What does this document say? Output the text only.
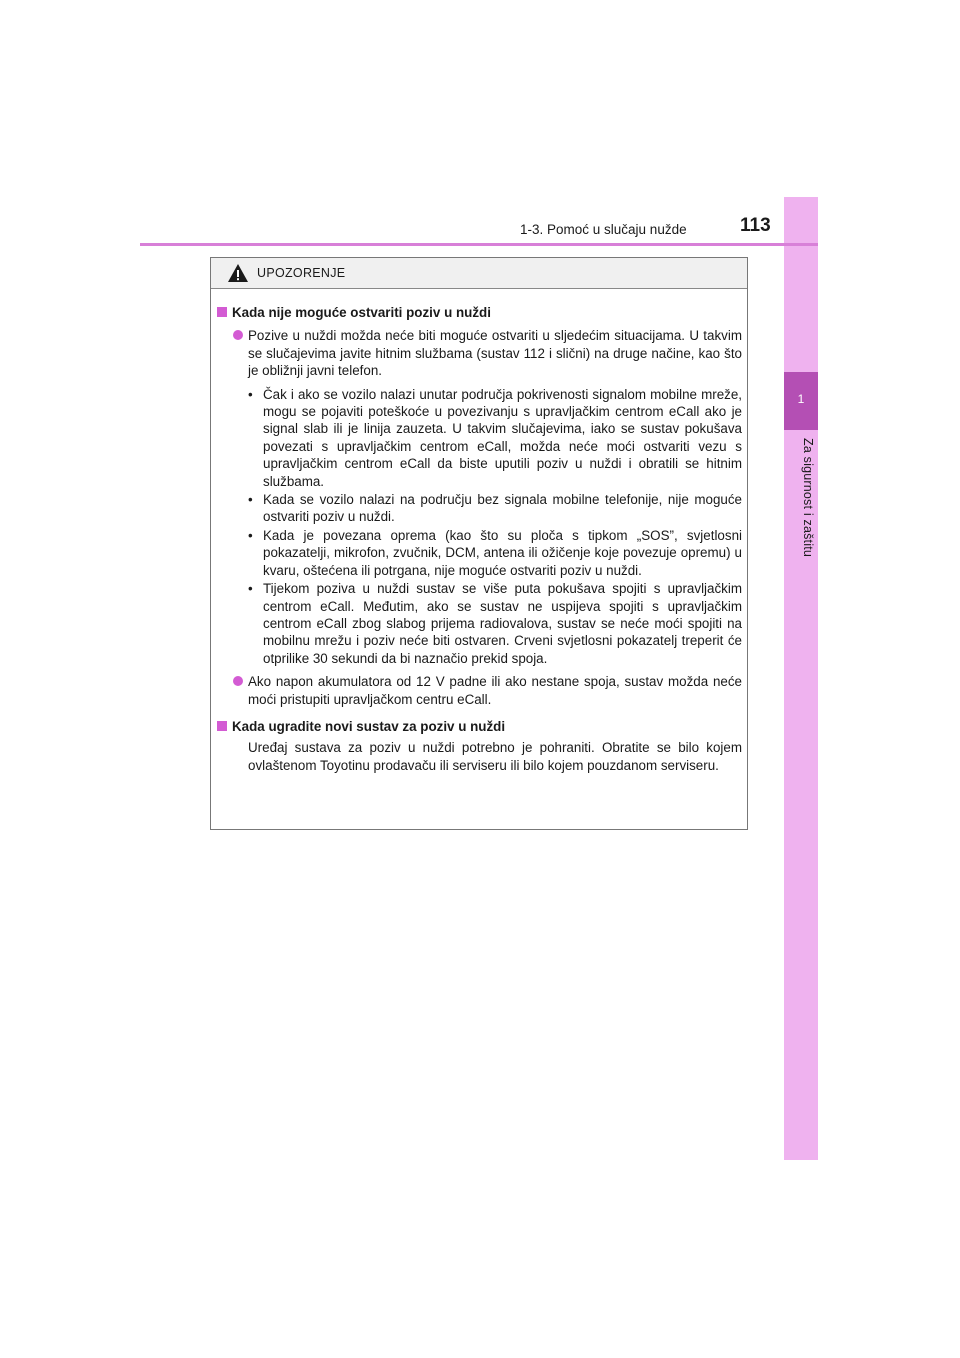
1
Za sigurnost i zaštitu
1-3. Pomoć u slučaju nužde	113
UPOZORENJE
Kada nije moguće ostvariti poziv u nuždi
Pozive u nuždi možda neće biti moguće ostvariti u sljedećim situacijama. U takvim se slučajevima javite hitnim službama (sustav 112 i slični) na druge načine, kao što je obližnji javni telefon.
• Čak i ako se vozilo nalazi unutar područja pokrivenosti signalom mobilne mreže, mogu se pojaviti poteškoće u povezivanju s upravljačkim centrom eCall ako je signal slab ili je linija zauzeta. U takvim slučajevima, iako se sustav pokušava povezati s upravljačkim centrom eCall, možda neće moći ostvariti vezu s upravljačkim centrom eCall da biste uputili poziv u nuždi i obratili se hitnim službama.
• Kada se vozilo nalazi na području bez signala mobilne telefonije, nije moguće ostvariti poziv u nuždi.
• Kada je povezana oprema (kao što su ploča s tipkom „SOS”, svjetlosni pokazatelji, mikrofon, zvučnik, DCM, antena ili ožičenje koje povezuje opremu) u kvaru, oštećena ili potrgana, nije moguće ostvariti poziv u nuždi.
• Tijekom poziva u nuždi sustav se više puta pokušava spojiti s upravljačkim centrom eCall. Međutim, ako se sustav ne uspijeva spojiti s upravljačkim centrom eCall zbog slabog prijema radiovalova, sustav se neće moći spojiti na mobilnu mrežu i poziv neće biti ostvaren. Crveni svjetlosni pokazatelj treperit će otprilike 30 sekundi da bi naznačio prekid spoja.
Ako napon akumulatora od 12 V padne ili ako nestane spoja, sustav možda neće moći pristupiti upravljačkom centru eCall.
Kada ugradite novi sustav za poziv u nuždi
Uređaj sustava za poziv u nuždi potrebno je pohraniti. Obratite se bilo kojem ovlaštenom Toyotinu prodavaču ili serviseru ili bilo kojem pouzdanom serviseru.
